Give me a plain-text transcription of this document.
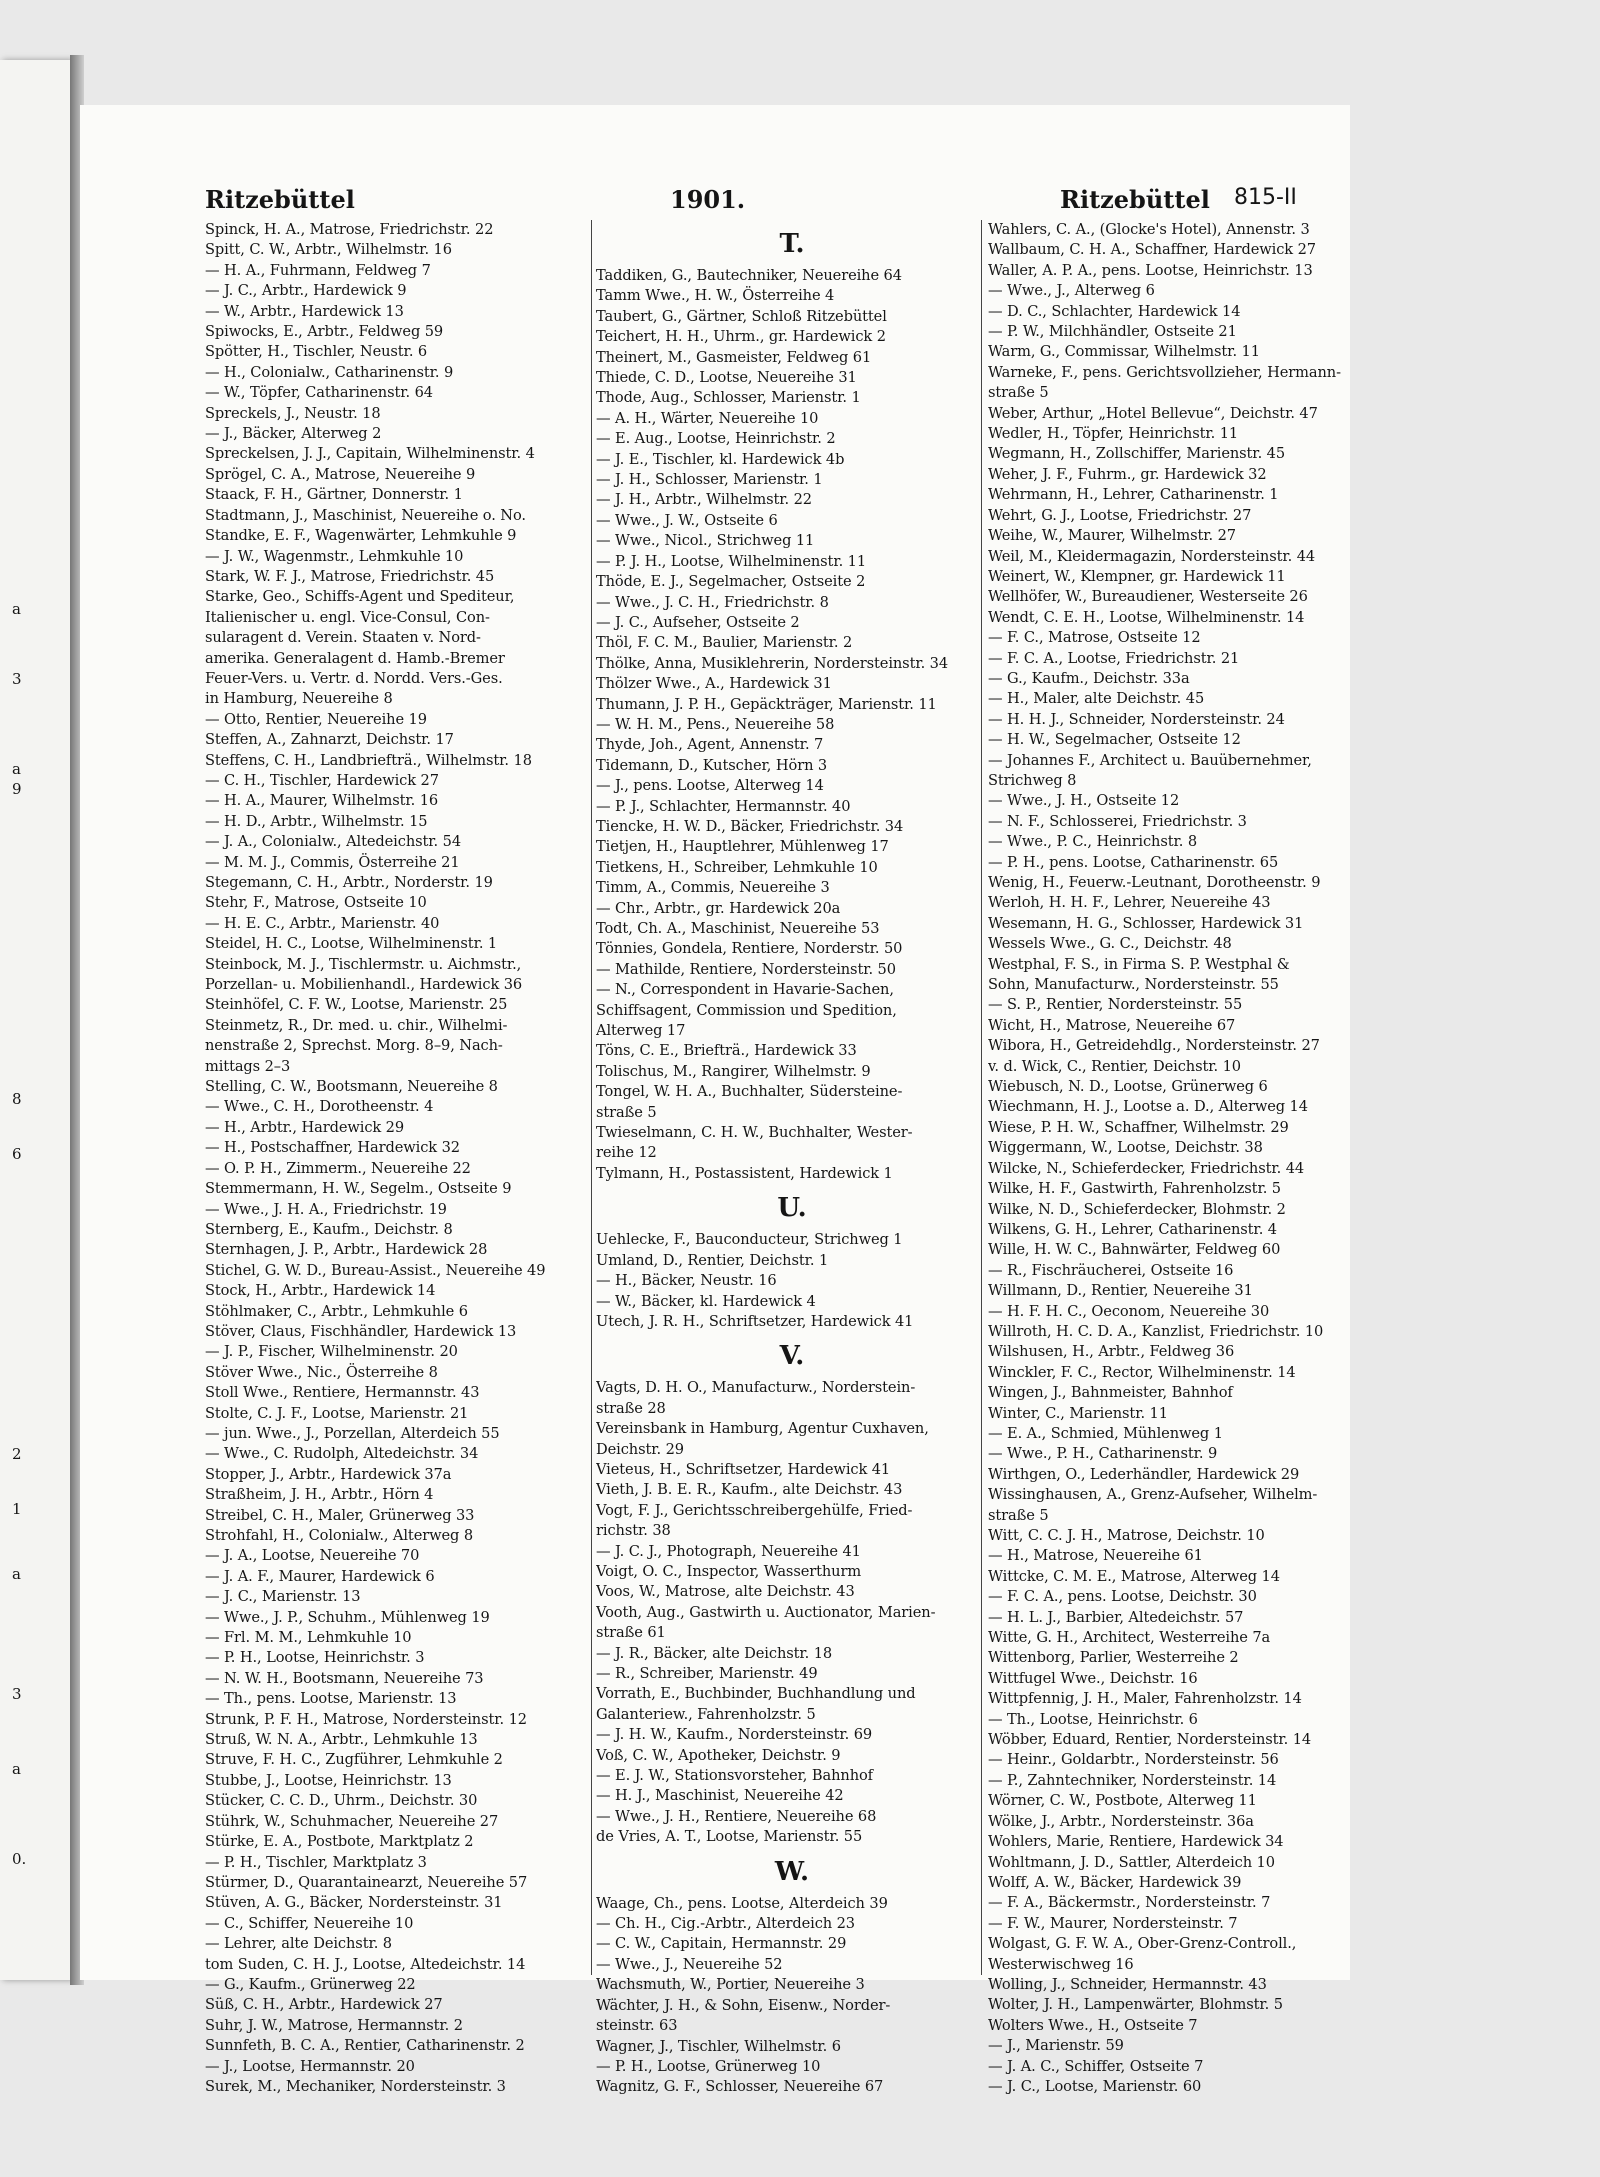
a
3
a
9
8
6
2
1
a
3
a
0.
Ritzebüttel	1901.	Ritzebüttel 815-II
Spinck, H. A., Matrose, Friedrichstr. 22
Spitt, C. W., Arbtr., Wilhelmstr. 16
— H. A., Fuhrmann, Feldweg 7
— J. C., Arbtr., Hardewick 9
— W., Arbtr., Hardewick 13
Spiwocks, E., Arbtr., Feldweg 59
Spötter, H., Tischler, Neustr. 6
— H., Colonialw., Catharinenstr. 9
— W., Töpfer, Catharinenstr. 64
Spreckels, J., Neustr. 18
— J., Bäcker, Alterweg 2
Spreckelsen, J. J., Capitain, Wilhelminenstr. 4
Sprögel, C. A., Matrose, Neuereihe 9
Staack, F. H., Gärtner, Donnerstr. 1
Stadtmann, J., Maschinist, Neuereihe o. No.
Standke, E. F., Wagenwärter, Lehmkuhle 9
— J. W., Wagenmstr., Lehmkuhle 10
Stark, W. F. J., Matrose, Friedrichstr. 45
Starke, Geo., Schiffs-Agent und Spediteur,
Italienischer u. engl. Vice-Consul, Con-
sularagent d. Verein. Staaten v. Nord-
amerika. Generalagent d. Hamb.-Bremer
Feuer-Vers. u. Vertr. d. Nordd. Vers.-Ges.
in Hamburg, Neuereihe 8
— Otto, Rentier, Neuereihe 19
Steffen, A., Zahnarzt, Deichstr. 17
Steffens, C. H., Landbriefträ., Wilhelmstr. 18
— C. H., Tischler, Hardewick 27
— H. A., Maurer, Wilhelmstr. 16
— H. D., Arbtr., Wilhelmstr. 15
— J. A., Colonialw., Altedeichstr. 54
— M. M. J., Commis, Österreihe 21
Stegemann, C. H., Arbtr., Norderstr. 19
Stehr, F., Matrose, Ostseite 10
— H. E. C., Arbtr., Marienstr. 40
Steidel, H. C., Lootse, Wilhelminenstr. 1
Steinbock, M. J., Tischlermstr. u. Aichmstr.,
Porzellan- u. Mobilienhandl., Hardewick 36
Steinhöfel, C. F. W., Lootse, Marienstr. 25
Steinmetz, R., Dr. med. u. chir., Wilhelmi-
nenstraße 2, Sprechst. Morg. 8–9, Nach-
mittags 2–3
Stelling, C. W., Bootsmann, Neuereihe 8
— Wwe., C. H., Dorotheenstr. 4
— H., Arbtr., Hardewick 29
— H., Postschaffner, Hardewick 32
— O. P. H., Zimmerm., Neuereihe 22
Stemmermann, H. W., Segelm., Ostseite 9
— Wwe., J. H. A., Friedrichstr. 19
Sternberg, E., Kaufm., Deichstr. 8
Sternhagen, J. P., Arbtr., Hardewick 28
Stichel, G. W. D., Bureau-Assist., Neuereihe 49
Stock, H., Arbtr., Hardewick 14
Stöhlmaker, C., Arbtr., Lehmkuhle 6
Stöver, Claus, Fischhändler, Hardewick 13
— J. P., Fischer, Wilhelminenstr. 20
Stöver Wwe., Nic., Österreihe 8
Stoll Wwe., Rentiere, Hermannstr. 43
Stolte, C. J. F., Lootse, Marienstr. 21
— jun. Wwe., J., Porzellan, Alterdeich 55
— Wwe., C. Rudolph, Altedeichstr. 34
Stopper, J., Arbtr., Hardewick 37a
Straßheim, J. H., Arbtr., Hörn 4
Streibel, C. H., Maler, Grünerweg 33
Strohfahl, H., Colonialw., Alterweg 8
— J. A., Lootse, Neuereihe 70
— J. A. F., Maurer, Hardewick 6
— J. C., Marienstr. 13
— Wwe., J. P., Schuhm., Mühlenweg 19
— Frl. M. M., Lehmkuhle 10
— P. H., Lootse, Heinrichstr. 3
— N. W. H., Bootsmann, Neuereihe 73
— Th., pens. Lootse, Marienstr. 13
Strunk, P. F. H., Matrose, Nordersteinstr. 12
Struß, W. N. A., Arbtr., Lehmkuhle 13
Struve, F. H. C., Zugführer, Lehmkuhle 2
Stubbe, J., Lootse, Heinrichstr. 13
Stücker, C. C. D., Uhrm., Deichstr. 30
Stührk, W., Schuhmacher, Neuereihe 27
Stürke, E. A., Postbote, Marktplatz 2
— P. H., Tischler, Marktplatz 3
Stürmer, D., Quarantainearzt, Neuereihe 57
Stüven, A. G., Bäcker, Nordersteinstr. 31
— C., Schiffer, Neuereihe 10
— Lehrer, alte Deichstr. 8
tom Suden, C. H. J., Lootse, Altedeichstr. 14
— G., Kaufm., Grünerweg 22
Süß, C. H., Arbtr., Hardewick 27
Suhr, J. W., Matrose, Hermannstr. 2
Sunnfeth, B. C. A., Rentier, Catharinenstr. 2
— J., Lootse, Hermannstr. 20
Surek, M., Mechaniker, Nordersteinstr. 3
T.
Taddiken, G., Bautechniker, Neuereihe 64
Tamm Wwe., H. W., Österreihe 4
Taubert, G., Gärtner, Schloß Ritzebüttel
Teichert, H. H., Uhrm., gr. Hardewick 2
Theinert, M., Gasmeister, Feldweg 61
Thiede, C. D., Lootse, Neuereihe 31
Thode, Aug., Schlosser, Marienstr. 1
— A. H., Wärter, Neuereihe 10
— E. Aug., Lootse, Heinrichstr. 2
— J. E., Tischler, kl. Hardewick 4b
— J. H., Schlosser, Marienstr. 1
— J. H., Arbtr., Wilhelmstr. 22
— Wwe., J. W., Ostseite 6
— Wwe., Nicol., Strichweg 11
— P. J. H., Lootse, Wilhelminenstr. 11
Thöde, E. J., Segelmacher, Ostseite 2
— Wwe., J. C. H., Friedrichstr. 8
— J. C., Aufseher, Ostseite 2
Thöl, F. C. M., Baulier, Marienstr. 2
Thölke, Anna, Musiklehrerin, Nordersteinstr. 34
Thölzer Wwe., A., Hardewick 31
Thumann, J. P. H., Gepäckträger, Marienstr. 11
— W. H. M., Pens., Neuereihe 58
Thyde, Joh., Agent, Annenstr. 7
Tidemann, D., Kutscher, Hörn 3
— J., pens. Lootse, Alterweg 14
— P. J., Schlachter, Hermannstr. 40
Tiencke, H. W. D., Bäcker, Friedrichstr. 34
Tietjen, H., Hauptlehrer, Mühlenweg 17
Tietkens, H., Schreiber, Lehmkuhle 10
Timm, A., Commis, Neuereihe 3
— Chr., Arbtr., gr. Hardewick 20a
Todt, Ch. A., Maschinist, Neuereihe 53
Tönnies, Gondela, Rentiere, Norderstr. 50
— Mathilde, Rentiere, Nordersteinstr. 50
— N., Correspondent in Havarie-Sachen,
Schiffsagent, Commission und Spedition,
Alterweg 17
Töns, C. E., Briefträ., Hardewick 33
Tolischus, M., Rangirer, Wilhelmstr. 9
Tongel, W. H. A., Buchhalter, Südersteine-
straße 5
Twieselmann, C. H. W., Buchhalter, Wester-
reihe 12
Tylmann, H., Postassistent, Hardewick 1
U.
Uehlecke, F., Bauconducteur, Strichweg 1
Umland, D., Rentier, Deichstr. 1
— H., Bäcker, Neustr. 16
— W., Bäcker, kl. Hardewick 4
Utech, J. R. H., Schriftsetzer, Hardewick 41
V.
Vagts, D. H. O., Manufacturw., Norderstein-
straße 28
Vereinsbank in Hamburg, Agentur Cuxhaven,
Deichstr. 29
Vieteus, H., Schriftsetzer, Hardewick 41
Vieth, J. B. E. R., Kaufm., alte Deichstr. 43
Vogt, F. J., Gerichtsschreibergehülfe, Fried-
richstr. 38
— J. C. J., Photograph, Neuereihe 41
Voigt, O. C., Inspector, Wasserthurm
Voos, W., Matrose, alte Deichstr. 43
Vooth, Aug., Gastwirth u. Auctionator, Marien-
straße 61
— J. R., Bäcker, alte Deichstr. 18
— R., Schreiber, Marienstr. 49
Vorrath, E., Buchbinder, Buchhandlung und
Galanteriew., Fahrenholzstr. 5
— J. H. W., Kaufm., Nordersteinstr. 69
Voß, C. W., Apotheker, Deichstr. 9
— E. J. W., Stationsvorsteher, Bahnhof
— H. J., Maschinist, Neuereihe 42
— Wwe., J. H., Rentiere, Neuereihe 68
de Vries, A. T., Lootse, Marienstr. 55
W.
Waage, Ch., pens. Lootse, Alterdeich 39
— Ch. H., Cig.-Arbtr., Alterdeich 23
— C. W., Capitain, Hermannstr. 29
— Wwe., J., Neuereihe 52
Wachsmuth, W., Portier, Neuereihe 3
Wächter, J. H., & Sohn, Eisenw., Norder-
steinstr. 63
Wagner, J., Tischler, Wilhelmstr. 6
— P. H., Lootse, Grünerweg 10
Wagnitz, G. F., Schlosser, Neuereihe 67
Wahlers, C. A., (Glocke's Hotel), Annenstr. 3
Wallbaum, C. H. A., Schaffner, Hardewick 27
Waller, A. P. A., pens. Lootse, Heinrichstr. 13
— Wwe., J., Alterweg 6
— D. C., Schlachter, Hardewick 14
— P. W., Milchhändler, Ostseite 21
Warm, G., Commissar, Wilhelmstr. 11
Warneke, F., pens. Gerichtsvollzieher, Hermann-
straße 5
Weber, Arthur, „Hotel Bellevue“, Deichstr. 47
Wedler, H., Töpfer, Heinrichstr. 11
Wegmann, H., Zollschiffer, Marienstr. 45
Weher, J. F., Fuhrm., gr. Hardewick 32
Wehrmann, H., Lehrer, Catharinenstr. 1
Wehrt, G. J., Lootse, Friedrichstr. 27
Weihe, W., Maurer, Wilhelmstr. 27
Weil, M., Kleidermagazin, Nordersteinstr. 44
Weinert, W., Klempner, gr. Hardewick 11
Wellhöfer, W., Bureaudiener, Westerseite 26
Wendt, C. E. H., Lootse, Wilhelminenstr. 14
— F. C., Matrose, Ostseite 12
— F. C. A., Lootse, Friedrichstr. 21
— G., Kaufm., Deichstr. 33a
— H., Maler, alte Deichstr. 45
— H. H. J., Schneider, Nordersteinstr. 24
— H. W., Segelmacher, Ostseite 12
— Johannes F., Architect u. Bauübernehmer,
Strichweg 8
— Wwe., J. H., Ostseite 12
— N. F., Schlosserei, Friedrichstr. 3
— Wwe., P. C., Heinrichstr. 8
— P. H., pens. Lootse, Catharinenstr. 65
Wenig, H., Feuerw.-Leutnant, Dorotheenstr. 9
Werloh, H. H. F., Lehrer, Neuereihe 43
Wesemann, H. G., Schlosser, Hardewick 31
Wessels Wwe., G. C., Deichstr. 48
Westphal, F. S., in Firma S. P. Westphal &
Sohn, Manufacturw., Nordersteinstr. 55
— S. P., Rentier, Nordersteinstr. 55
Wicht, H., Matrose, Neuereihe 67
Wibora, H., Getreidehdlg., Nordersteinstr. 27
v. d. Wick, C., Rentier, Deichstr. 10
Wiebusch, N. D., Lootse, Grünerweg 6
Wiechmann, H. J., Lootse a. D., Alterweg 14
Wiese, P. H. W., Schaffner, Wilhelmstr. 29
Wiggermann, W., Lootse, Deichstr. 38
Wilcke, N., Schieferdecker, Friedrichstr. 44
Wilke, H. F., Gastwirth, Fahrenholzstr. 5
Wilke, N. D., Schieferdecker, Blohmstr. 2
Wilkens, G. H., Lehrer, Catharinenstr. 4
Wille, H. W. C., Bahnwärter, Feldweg 60
— R., Fischräucherei, Ostseite 16
Willmann, D., Rentier, Neuereihe 31
— H. F. H. C., Oeconom, Neuereihe 30
Willroth, H. C. D. A., Kanzlist, Friedrichstr. 10
Wilshusen, H., Arbtr., Feldweg 36
Winckler, F. C., Rector, Wilhelminenstr. 14
Wingen, J., Bahnmeister, Bahnhof
Winter, C., Marienstr. 11
— E. A., Schmied, Mühlenweg 1
— Wwe., P. H., Catharinenstr. 9
Wirthgen, O., Lederhändler, Hardewick 29
Wissinghausen, A., Grenz-Aufseher, Wilhelm-
straße 5
Witt, C. C. J. H., Matrose, Deichstr. 10
— H., Matrose, Neuereihe 61
Wittcke, C. M. E., Matrose, Alterweg 14
— F. C. A., pens. Lootse, Deichstr. 30
— H. L. J., Barbier, Altedeichstr. 57
Witte, G. H., Architect, Westerreihe 7a
Wittenborg, Parlier, Westerreihe 2
Wittfugel Wwe., Deichstr. 16
Wittpfennig, J. H., Maler, Fahrenholzstr. 14
— Th., Lootse, Heinrichstr. 6
Wöbber, Eduard, Rentier, Nordersteinstr. 14
— Heinr., Goldarbtr., Nordersteinstr. 56
— P., Zahntechniker, Nordersteinstr. 14
Wörner, C. W., Postbote, Alterweg 11
Wölke, J., Arbtr., Nordersteinstr. 36a
Wohlers, Marie, Rentiere, Hardewick 34
Wohltmann, J. D., Sattler, Alterdeich 10
Wolff, A. W., Bäcker, Hardewick 39
— F. A., Bäckermstr., Nordersteinstr. 7
— F. W., Maurer, Nordersteinstr. 7
Wolgast, G. F. W. A., Ober-Grenz-Controll.,
Westerwischweg 16
Wolling, J., Schneider, Hermannstr. 43
Wolter, J. H., Lampenwärter, Blohmstr. 5
Wolters Wwe., H., Ostseite 7
— J., Marienstr. 59
— J. A. C., Schiffer, Ostseite 7
— J. C., Lootse, Marienstr. 60
